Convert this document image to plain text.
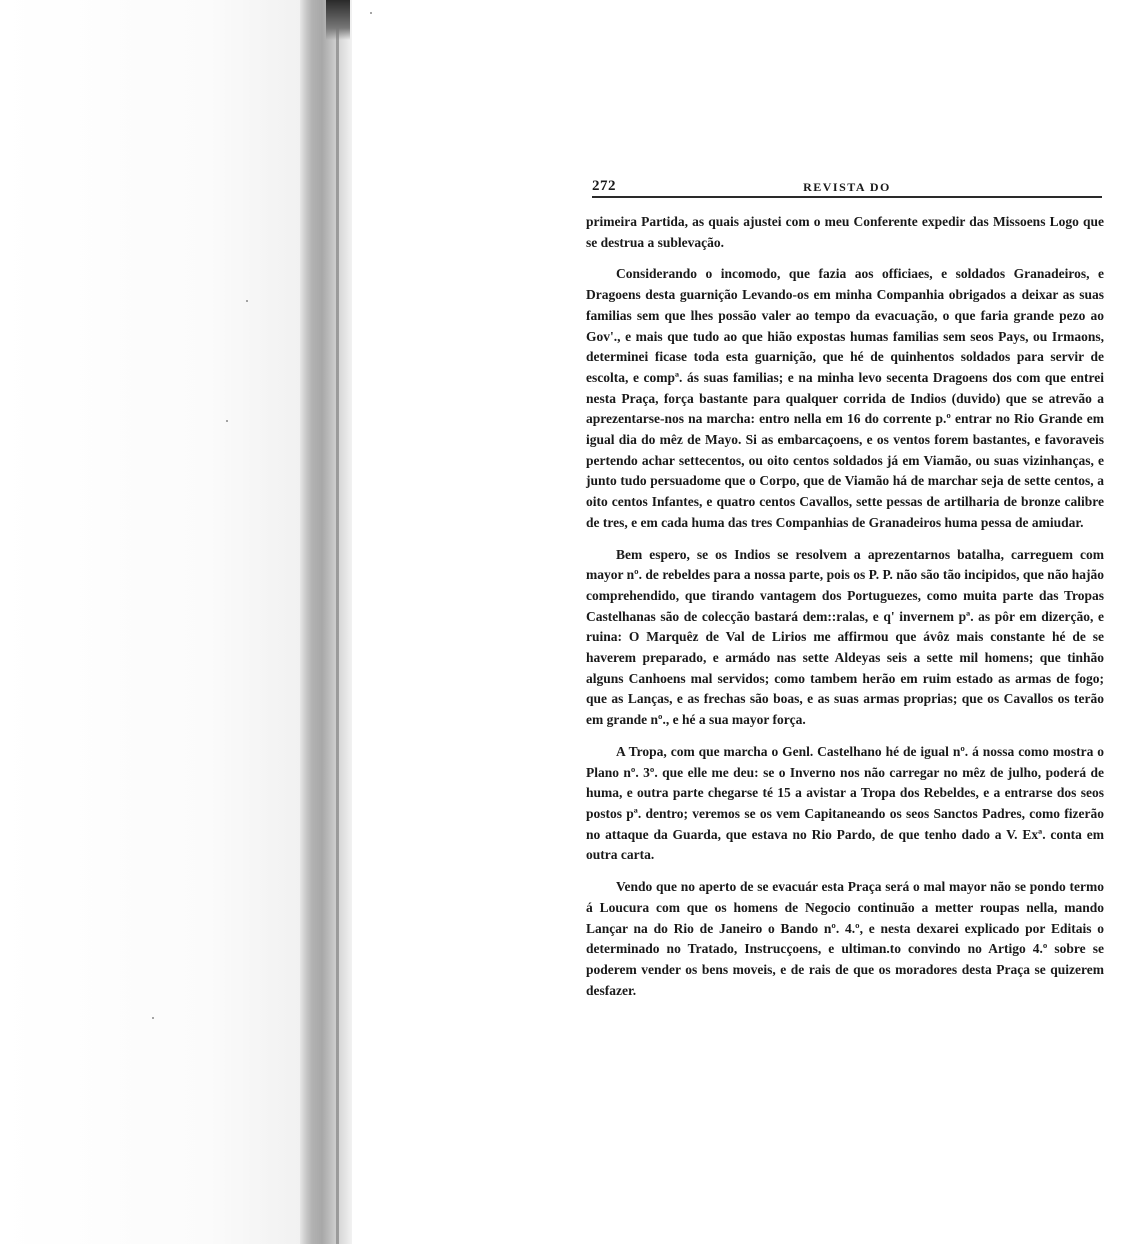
272	REVISTA DO

primeira Partida, as quais ajustei com o meu Conferente expedir das Missoens Logo que se destrua a sublevação.

Considerando o incomodo, que fazia aos officiaes, e soldados Granadeiros, e Dragoens desta guarnição Levando-os em minha Companhia obrigados a deixar as suas familias sem que lhes possão valer ao tempo da evacuação, o que faria grande pezo ao Gov'., e mais que tudo ao que hião expostas humas familias sem seos Pays, ou Irmaons, determinei ficase toda esta guarnição, que hé de quinhentos soldados para servir de escolta, e compª. ás suas familias; e na minha levo secenta Dragoens dos com que entrei nesta Praça, força bastante para qualquer corrida de Indios (duvido) que se atrevão a aprezentarse-nos na marcha: entro nella em 16 do corrente p.º entrar no Rio Grande em igual dia do mêz de Mayo. Si as embarcaçoens, e os ventos forem bastantes, e favoraveis pertendo achar settecentos, ou oito centos soldados já em Viamão, ou suas vizinhanças, e junto tudo persuadome que o Corpo, que de Viamão há de marchar seja de sette centos, a oito centos Infantes, e quatro centos Cavallos, sette pessas de artilharia de bronze calibre de tres, e em cada huma das tres Companhias de Granadeiros huma pessa de amiudar.

Bem espero, se os Indios se resolvem a aprezentarnos batalha, carreguem com mayor nº. de rebeldes para a nossa parte, pois os P. P. não são tão incipidos, que não hajão comprehendido, que tirando vantagem dos Portuguezes, como muita parte das Tropas Castelhanas são de colecção bastará dem::ralas, e q' invernem pª. as pôr em dizerção, e ruina: O Marquêz de Val de Lirios me affirmou que ávôz mais constante hé de se haverem preparado, e armádo nas sette Aldeyas seis a sette mil homens; que tinhão alguns Canhoens mal servidos; como tambem herão em ruim estado as armas de fogo; que as Lanças, e as frechas são boas, e as suas armas proprias; que os Cavallos os terão em grande nº., e hé a sua mayor força.

A Tropa, com que marcha o Genl. Castelhano hé de igual nº. á nossa como mostra o Plano nº. 3º. que elle me deu: se o Inverno nos não carregar no mêz de julho, poderá de huma, e outra parte chegarse té 15 a avistar a Tropa dos Rebeldes, e a entrarse dos seos postos pª. dentro; veremos se os vem Capitaneando os seos Sanctos Padres, como fizerão no attaque da Guarda, que estava no Rio Pardo, de que tenho dado a V. Exª. conta em outra carta.

Vendo que no aperto de se evacuár esta Praça será o mal mayor não se pondo termo á Loucura com que os homens de Negocio continuão a metter roupas nella, mando Lançar na do Rio de Janeiro o Bando nº. 4.º, e nesta dexarei explicado por Editais o determinado no Tratado, Instrucçoens, e ultiman.to convindo no Artigo 4.º sobre se poderem vender os bens moveis, e de rais de que os moradores desta Praça se quizerem desfazer.
